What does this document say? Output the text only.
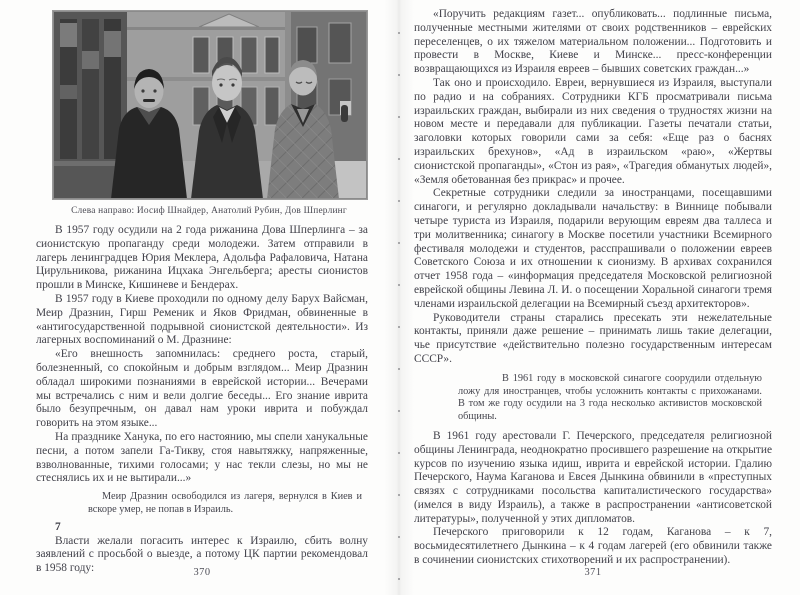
Слева направо: Иосиф Шнайдер, Анатолий Рубин, Дов Шперлинг

В 1957 году осудили на 2 года рижанина Дова Шперлинга – за сионистскую пропаганду среди молодежи. Затем отправили в лагерь ленинградцев Юрия Меклера, Адольфа Рафаловича, Натана Цирульникова, рижанина Ицхака Энгельберга; аресты сионистов прошли в Минске, Кишиневе и Бендерах.

В 1957 году в Киеве проходили по одному делу Барух Вайсман, Меир Дразнин, Гирш Ременик и Яков Фридман, обвиненные в «антигосударственной подрывной сионистской деятельности». Из лагерных воспоминаний о М. Дразнине:

«Его внешность запомнилась: среднего роста, старый, болезненный, со спокойным и добрым взглядом... Меир Дразнин обладал широкими познаниями в еврейской истории... Вечерами мы встречались с ним и вели долгие беседы... Его знание иврита было безупречным, он давал нам уроки иврита и побуждал говорить на этом языке...

На празднике Ханука, по его настоянию, мы спели ханукальные песни, а потом запели Га-Тикву, стоя навытяжку, напряженные, взволнованные, тихими голосами; у нас текли слезы, но мы не стеснялись их и не вытирали...»

Меир Дразнин освободился из лагеря, вернулся в Киев и вскоре умер, не попав в Израиль.

7

Власти желали погасить интерес к Израилю, сбить волну заявлений с просьбой о выезде, а потому ЦК партии рекомендовал в 1958 году:	370

«Поручить редакциям газет... опубликовать... подлинные письма, полученные местными жителями от своих родственников – еврейских переселенцев, о их тяжелом материальном положении... Подготовить и провести в Москве, Киеве и Минске... пресс-конференции возвращающихся из Израиля евреев – бывших советских граждан...»

Так оно и происходило. Евреи, вернувшиеся из Израиля, выступали по радио и на собраниях. Сотрудники КГБ просматривали письма израильских граждан, выбирали из них сведения о трудностях жизни на новом месте и передавали для публикации. Газеты печатали статьи, заголовки которых говорили сами за себя: «Еще раз о баснях израильских брехунов», «Ад в израильском «раю», «Жертвы сионистской пропаганды», «Стон из рая», «Трагедия обманутых людей», «Земля обетованная без прикрас» и прочее.

Секретные сотрудники следили за иностранцами, посещавшими синагоги, и регулярно докладывали начальству: в Виннице побывали четыре туриста из Израиля, подарили верующим евреям два таллеса и три молитвенника; синагогу в Москве посетили участники Всемирного фестиваля молодежи и студентов, расспрашивали о положении евреев Советского Союза и их отношении к сионизму. В архивах сохранился отчет 1958 года – «информация председателя Московской религиозной еврейской общины Левина Л. И. о посещении Хоральной синагоги тремя членами израильской делегации на Всемирный съезд архитекторов».

Руководители страны старались пресекать эти нежелательные контакты, приняли даже решение – принимать лишь такие делегации, чье присутствие «действительно полезно государственным интересам СССР».

В 1961 году в московской синагоге соорудили отдельную ложу для иностранцев, чтобы усложнить контакты с прихожанами. В том же году осудили на 3 года несколько активистов московской общины.

В 1961 году арестовали Г. Печерского, председателя религиозной общины Ленинграда, неоднократно просившего разрешение на открытие курсов по изучению языка идиш, иврита и еврейской истории. Гдалию Печерского, Наума Каганова и Евсея Дынкина обвинили в «преступных связях с сотрудниками посольства капиталистического государства» (имелся в виду Израиль), а также в распространении «антисоветской литературы», полученной у этих дипломатов.

Печерского приговорили к 12 годам, Каганова – к 7, восьмидесятилетнего Дынкина – к 4 годам лагерей (его обвинили также в сочинении сионистских стихотворений и их распространении).

371
